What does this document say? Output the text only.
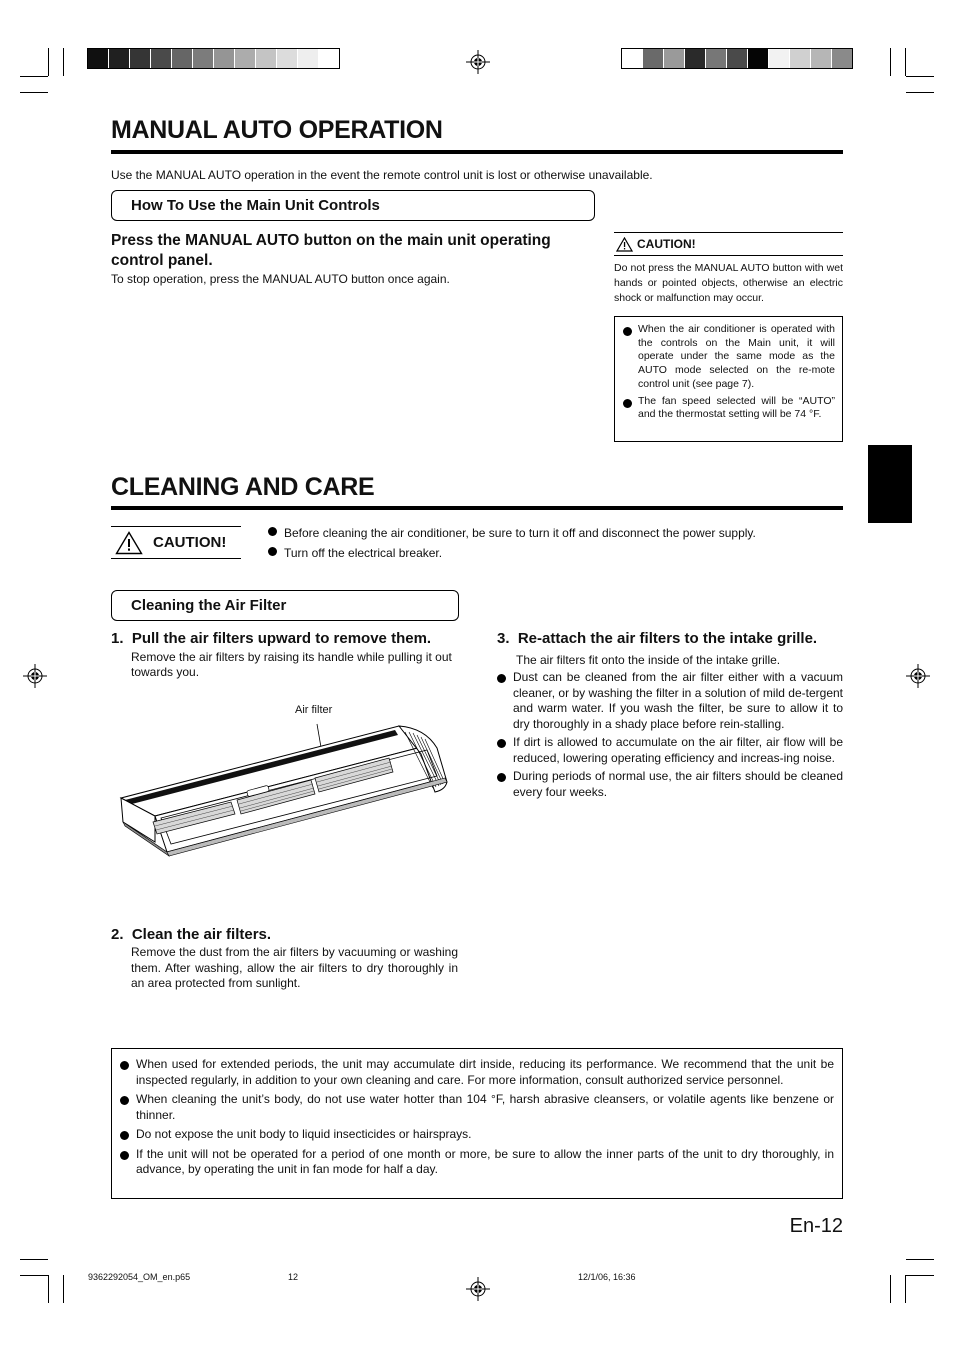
MANUAL AUTO OPERATION
Use the MANUAL AUTO operation in the event the remote control unit is lost or otherwise unavailable.
How To Use the Main Unit Controls
Press the MANUAL AUTO button on the main unit operating control panel.
To stop operation, press the MANUAL AUTO button once again.
CAUTION!
Do not press the MANUAL AUTO button with wet hands or pointed objects, otherwise an electric shock or malfunction may occur.
When the air conditioner is operated with the controls on the Main unit, it will operate under the same mode as the AUTO mode selected on the re-mote control unit (see page 7).
The fan speed selected will be “AUTO” and the thermostat setting will be 74 °F.
CLEANING AND CARE
CAUTION!
Before cleaning the air conditioner, be sure to turn it off and disconnect the power supply.
Turn off the electrical breaker.
Cleaning the Air Filter
1.  Pull the air filters upward to remove them.
Remove the air filters by raising its handle while pulling it out towards you.
Air filter
2.  Clean the air filters.
Remove the dust from the air filters by vacuuming or washing them. After washing, allow the air filters to dry thoroughly in an area protected from sunlight.
3.  Re-attach the air filters to the intake grille.
The air filters fit onto the inside of the intake grille.
Dust can be cleaned from the air filter either with a vacuum cleaner, or by washing the filter in a solution of mild de-tergent and warm water. If you wash the filter, be sure to allow it to dry thoroughly in a shady place before rein-stalling.
If dirt is allowed to accumulate on the air filter, air flow will be reduced, lowering operating efficiency and increas-ing noise.
During periods of normal use, the air filters should be cleaned every four weeks.
When used for extended periods, the unit may accumulate dirt inside, reducing its performance. We recommend that the unit be inspected regularly, in addition to your own cleaning and care. For more information, consult authorized service personnel.
When cleaning the unit’s body, do not use water hotter than 104 °F, harsh abrasive cleansers, or volatile agents like benzene or thinner.
Do not expose the unit body to liquid insecticides or hairsprays.
If the unit will not be operated for a period of one month or more, be sure to allow the inner parts of the unit to dry thoroughly, in advance, by operating the unit in fan mode for half a day.
En-12
9362292054_OM_en.p65	12	12/1/06, 16:36
